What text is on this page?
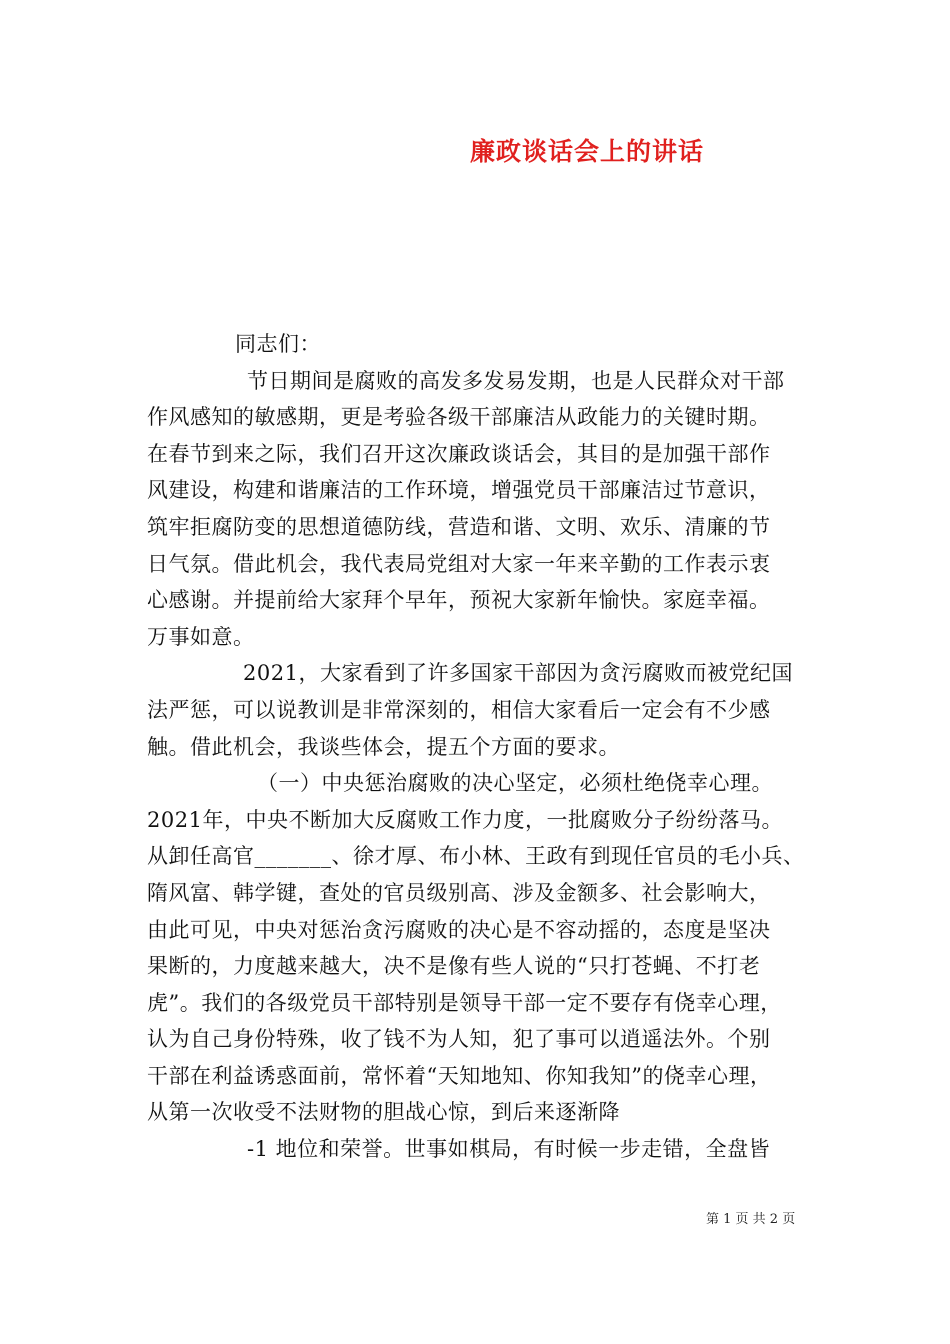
廉政谈话会上的讲话
同志们：
节日期间是腐败的高发多发易发期，也是人民群众对干部
作风感知的敏感期，更是考验各级干部廉洁从政能力的关键时期。
在春节到来之际，我们召开这次廉政谈话会，其目的是加强干部作
风建设，构建和谐廉洁的工作环境，增强党员干部廉洁过节意识，
筑牢拒腐防变的思想道德防线，营造和谐、文明、欢乐、清廉的节
日气氛。借此机会，我代表局党组对大家一年来辛勤的工作表示衷
心感谢。并提前给大家拜个早年，预祝大家新年愉快。家庭幸福。
万事如意。
2021，大家看到了许多国家干部因为贪污腐败而被党纪国
法严惩，可以说教训是非常深刻的，相信大家看后一定会有不少感
触。借此机会，我谈些体会，提五个方面的要求。
（一）中央惩治腐败的决心坚定，必须杜绝侥幸心理。
2021年，中央不断加大反腐败工作力度，一批腐败分子纷纷落马。
从卸任高官_______、徐才厚、布小林、王政有到现任官员的毛小兵、
隋风富、韩学键，查处的官员级别高、涉及金额多、社会影响大，
由此可见，中央对惩治贪污腐败的决心是不容动摇的，态度是坚决
果断的，力度越来越大，决不是像有些人说的“只打苍蝇、不打老
虎”。我们的各级党员干部特别是领导干部一定不要存有侥幸心理，
认为自己身份特殊，收了钱不为人知，犯了事可以逍遥法外。个别
干部在利益诱惑面前，常怀着“天知地知、你知我知”的侥幸心理，
从第一次收受不法财物的胆战心惊，到后来逐渐降
-1 地位和荣誉。世事如棋局，有时候一步走错，全盘皆
第 1 页 共 2 页
